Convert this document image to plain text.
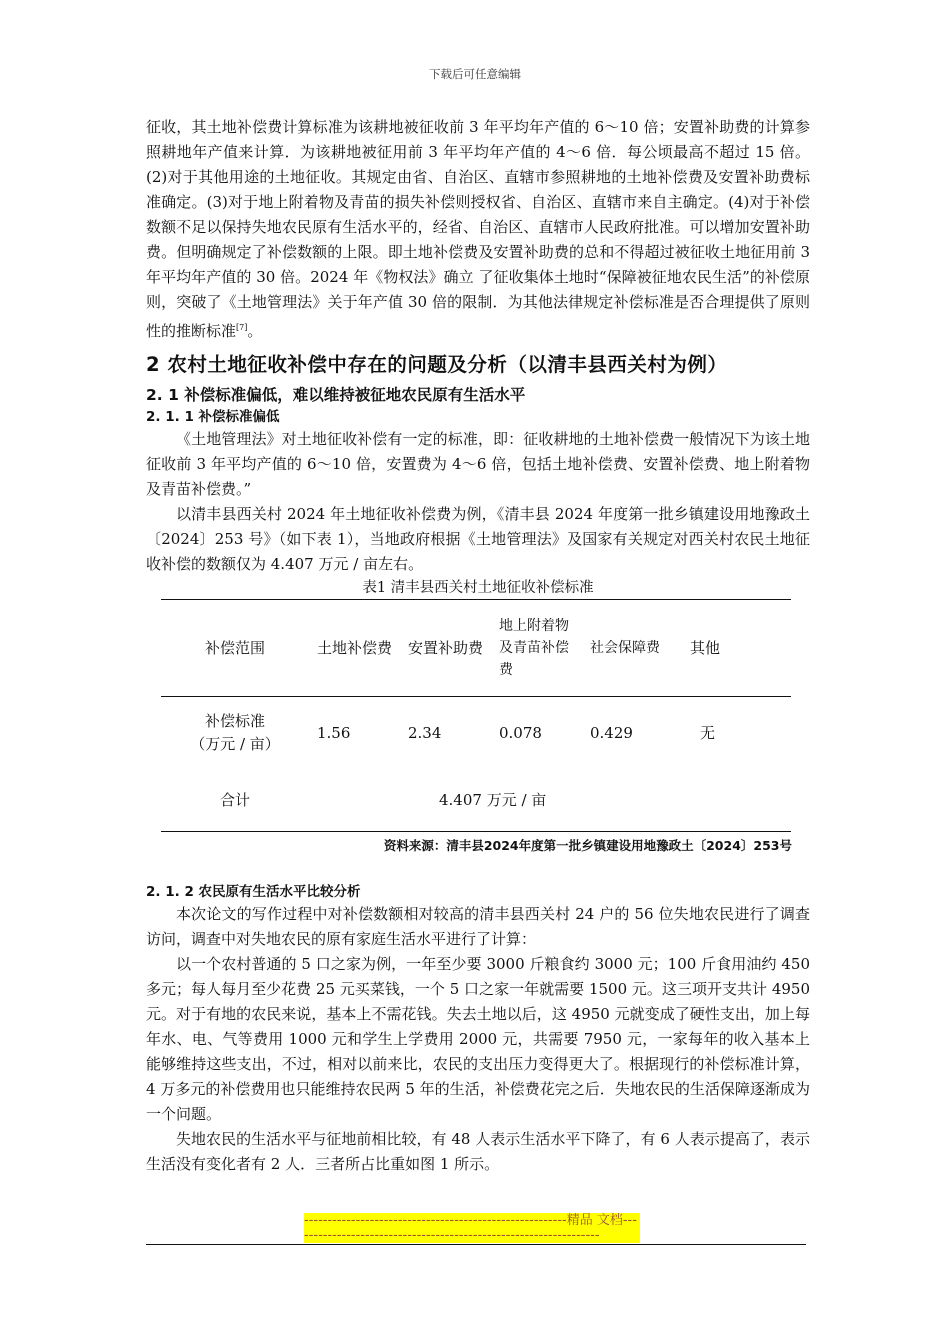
下载后可任意编辑

征收，其土地补偿费计算标准为该耕地被征收前 3 年平均年产值的 6～10 倍；安置补助费的计算参照耕地年产值来计算．为该耕地被征用前 3 年平均年产值的 4～6 倍．每公顷最高不超过 15 倍。(2)对于其他用途的土地征收。其规定由省、自治区、直辖市参照耕地的土地补偿费及安置补助费标准确定。(3)对于地上附着物及青苗的损失补偿则授权省、自治区、直辖市来自主确定。(4)对于补偿数额不足以保持失地农民原有生活水平的，经省、自治区、直辖市人民政府批准。可以增加安置补助费。但明确规定了补偿数额的上限。即土地补偿费及安置补助费的总和不得超过被征收土地征用前 3 年平均年产值的 30 倍。2024 年《物权法》确立 了征收集体土地时“保障被征地农民生活”的补偿原则，突破了《土地管理法》关于年产值 30 倍的限制．为其他法律规定补偿标准是否合理提供了原则性的推断标准[7]。

2 农村土地征收补偿中存在的问题及分析（以清丰县西关村为例）
2. 1 补偿标准偏低，难以维持被征地农民原有生活水平
2. 1. 1 补偿标准偏低

《土地管理法》对土地征收补偿有一定的标准，即：征收耕地的土地补偿费一般情况下为该土地征收前 3 年平均产值的 6～10 倍，安置费为 4～6 倍，包括土地补偿费、安置补偿费、地上附着物及青苗补偿费。”

以清丰县西关村 2024 年土地征收补偿费为例，《清丰县 2024 年度第一批乡镇建设用地豫政土〔2024〕253 号》（如下表 1），当地政府根据《土地管理法》及国家有关规定对西关村农民土地征收补偿的数额仅为 4.407 万元 / 亩左右。

表1 清丰县西关村土地征收补偿标准
补偿范围	土地补偿费	安置补助费	地上附着物及青苗补偿费	社会保障费	其他

补偿标准
（万元 / 亩）	1.56	2.34	0.078	0.429	无
合计	4.407 万元 / 亩				
资料来源：清丰县2024年度第一批乡镇建设用地豫政土〔2024〕253号
2. 1. 2 农民原有生活水平比较分析

本次论文的写作过程中对补偿数额相对较高的清丰县西关村 24 户的 56 位失地农民进行了调查访问，调查中对失地农民的原有家庭生活水平进行了计算：

以一个农村普通的 5 口之家为例，一年至少要 3000 斤粮食约 3000 元；100 斤食用油约 450 多元；每人每月至少花费 25 元买菜钱，一个 5 口之家一年就需要 1500 元。这三项开支共计 4950 元。对于有地的农民来说，基本上不需花钱。失去土地以后，这 4950 元就变成了硬性支出，加上每年水、电、气等费用 1000 元和学生上学费用 2000 元，共需要 7950 元，一家每年的收入基本上能够维持这些支出，不过，相对以前来比，农民的支出压力变得更大了。根据现行的补偿标准计算，4 万多元的补偿费用也只能维持农民两 5 年的生活，补偿费花完之后．失地农民的生活保障逐渐成为一个问题。

失地农民的生活水平与征地前相比较，有 48 人表示生活水平下降了，有 6 人表示提高了，表示生活没有变化者有 2 人．三者所占比重如图 1 所示。

--------------------------------------------------------精品 文档------------------------------------------------------------------
